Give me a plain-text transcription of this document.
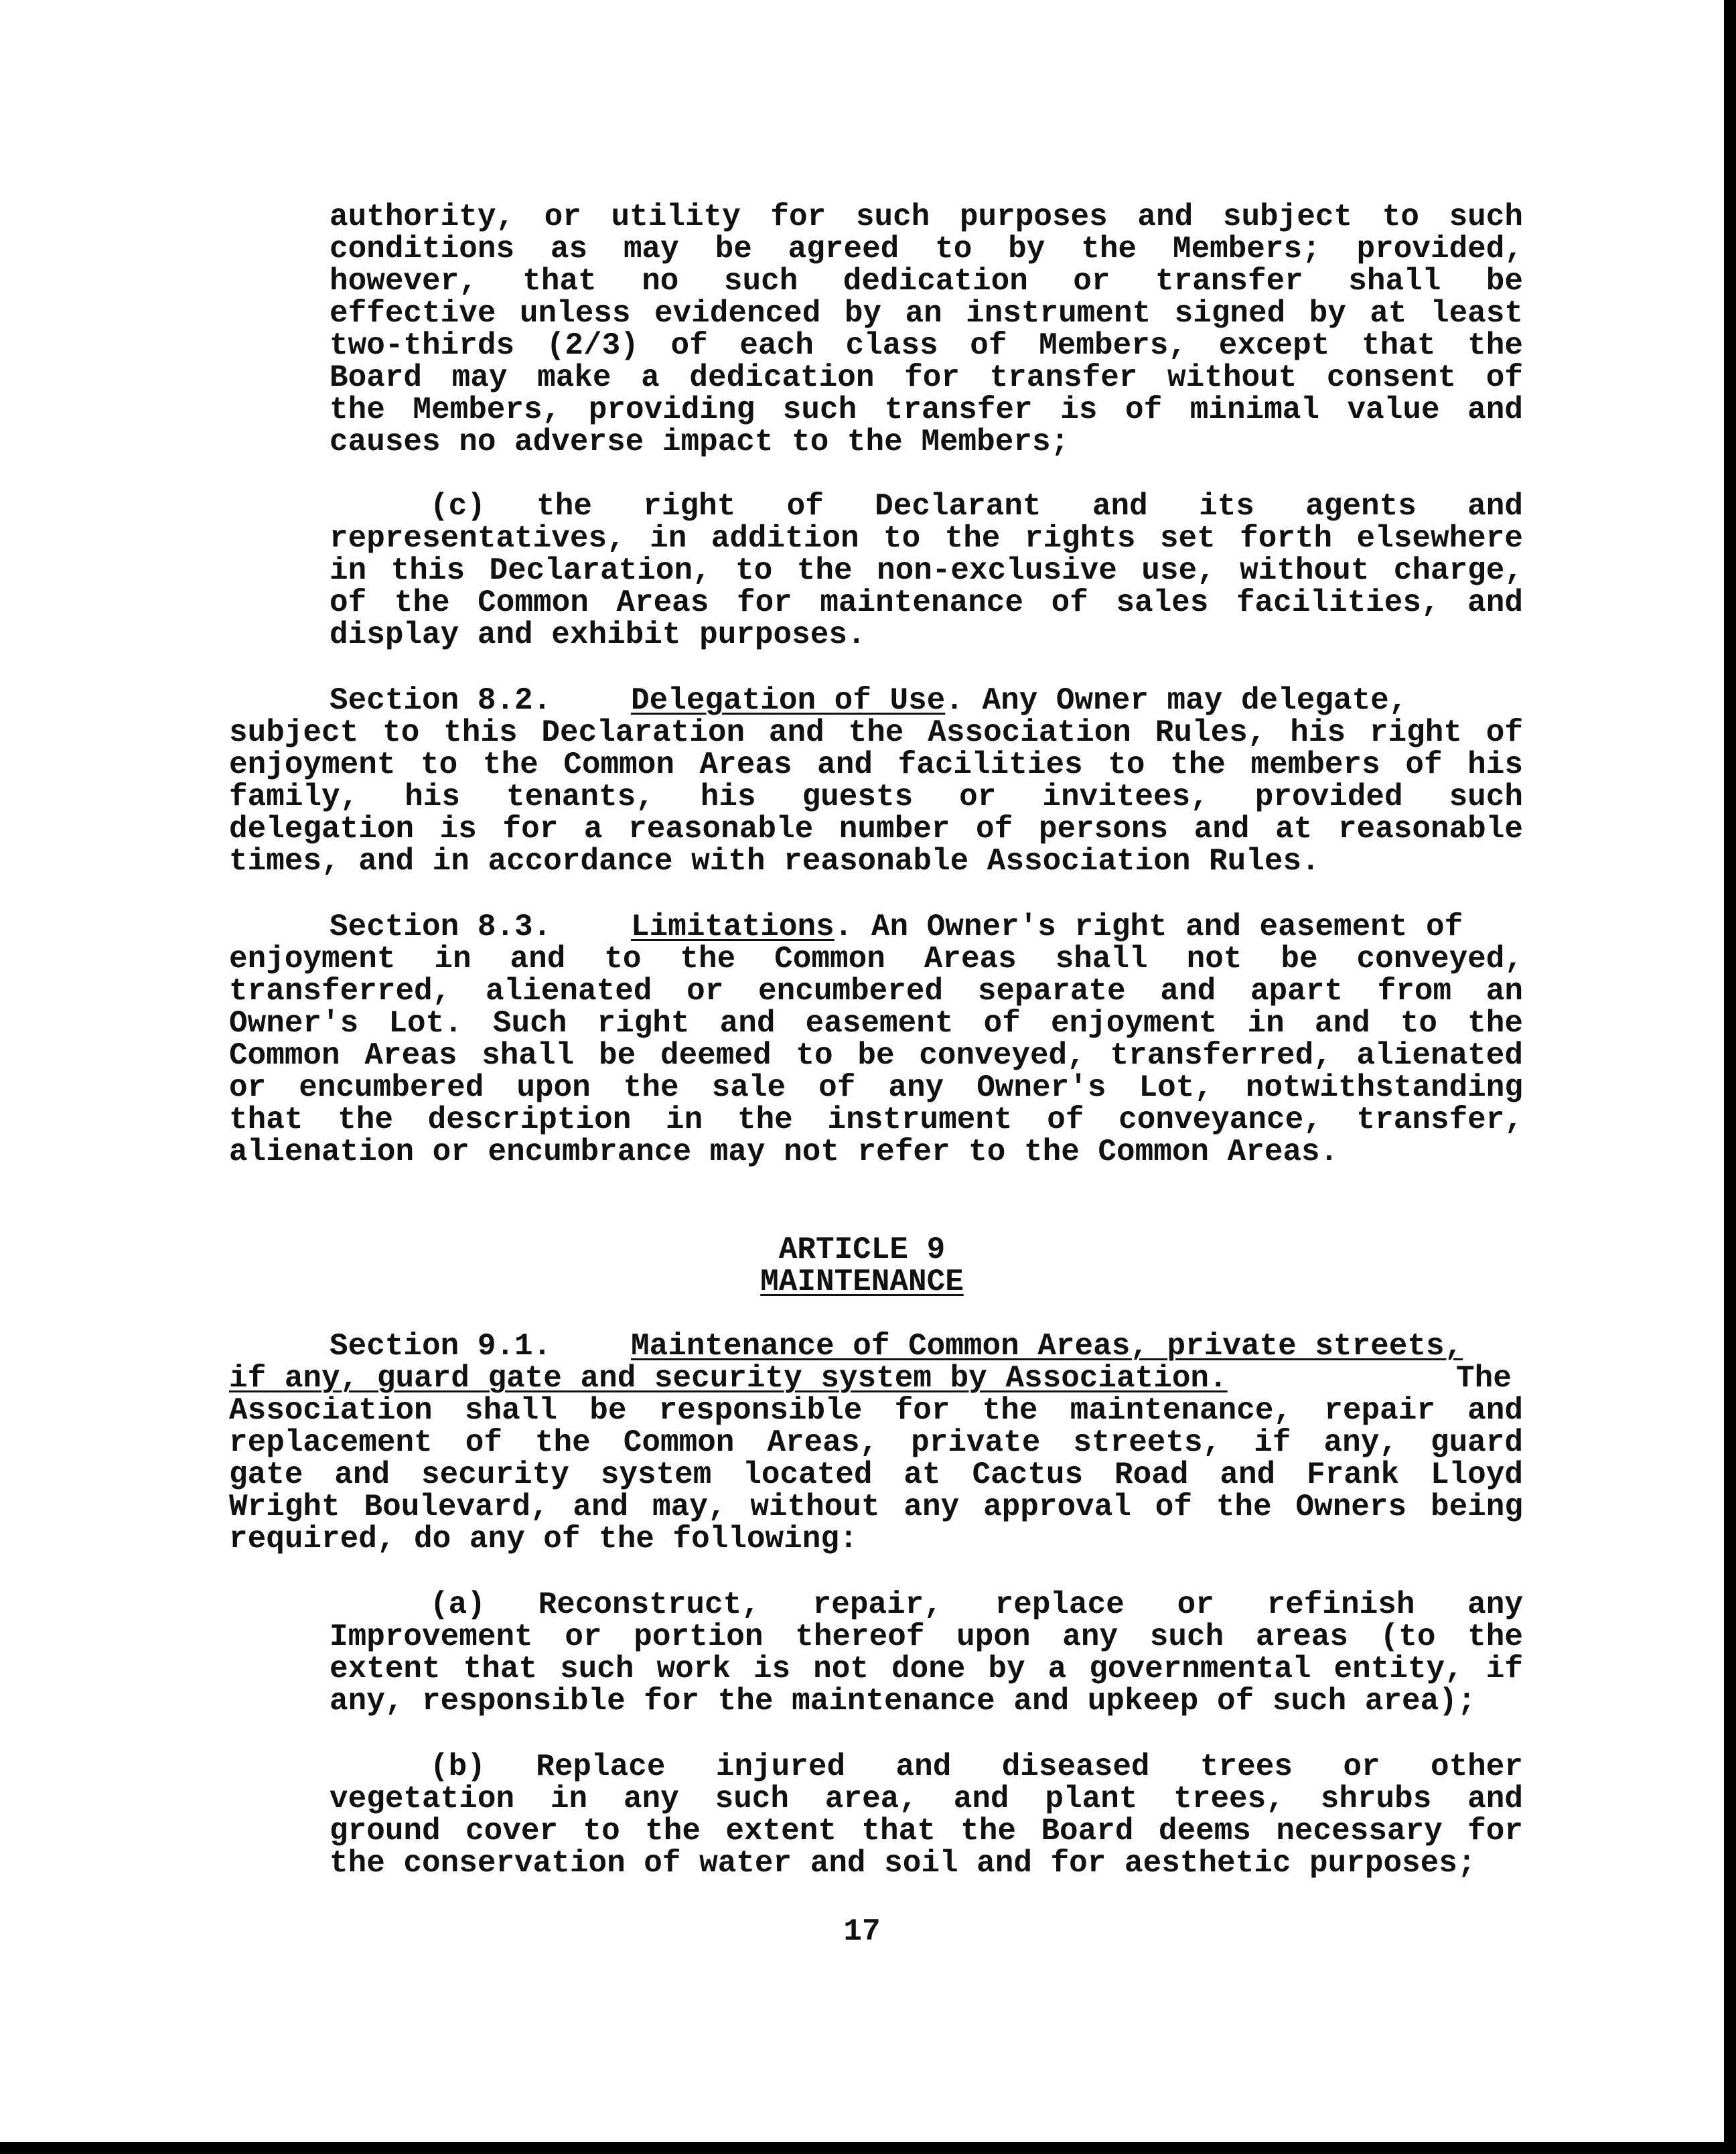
authority, or utility for such purposes and subject to such

conditions as may be agreed to by the Members; provided,

however, that no such dedication or transfer shall be

effective unless evidenced by an instrument signed by at least

two-thirds (2/3) of each class of Members, except that the

Board may make a dedication for transfer without consent of

the Members, providing such transfer is of minimal value and

causes no adverse impact to the Members;

(c) the right of Declarant and its agents and

representatives, in addition to the rights set forth elsewhere

in this Declaration, to the non-exclusive use, without charge,

of the Common Areas for maintenance of sales facilities, and

display and exhibit purposes.

Section 8.2.

	Delegation of Use. Any Owner may delegate,

subject to this Declaration and the Association Rules, his right of

enjoyment to the Common Areas and facilities to the members of his

family, his tenants, his guests or invitees, provided such

delegation is for a reasonable number of persons and at reasonable

times, and in accordance with reasonable Association Rules.

Section 8.3.

	Limitations. An Owner's right and easement of

enjoyment in and to the Common Areas shall not be conveyed,

transferred, alienated or encumbered separate and apart from an

Owner's Lot. Such right and easement of enjoyment in and to the

Common Areas shall be deemed to be conveyed, transferred, alienated

or encumbered upon the sale of any Owner's Lot, notwithstanding

that the description in the instrument of conveyance, transfer,

alienation or encumbrance may not refer to the Common Areas.

ARTICLE 9

MAINTENANCE

Section 9.1.

	Maintenance of Common Areas, private streets,

if any, guard gate and security system by Association.

	The

Association shall be responsible for the maintenance, repair and

replacement of the Common Areas, private streets, if any, guard

gate and security system located at Cactus Road and Frank Lloyd

Wright Boulevard, and may, without any approval of the Owners being

required, do any of the following:

(a) Reconstruct, repair, replace or refinish any

Improvement or portion thereof upon any such areas (to the

extent that such work is not done by a governmental entity, if

any, responsible for the maintenance and upkeep of such area);

(b) Replace injured and diseased trees or other

vegetation in any such area, and plant trees, shrubs and

ground cover to the extent that the Board deems necessary for

the conservation of water and soil and for aesthetic purposes;

17
